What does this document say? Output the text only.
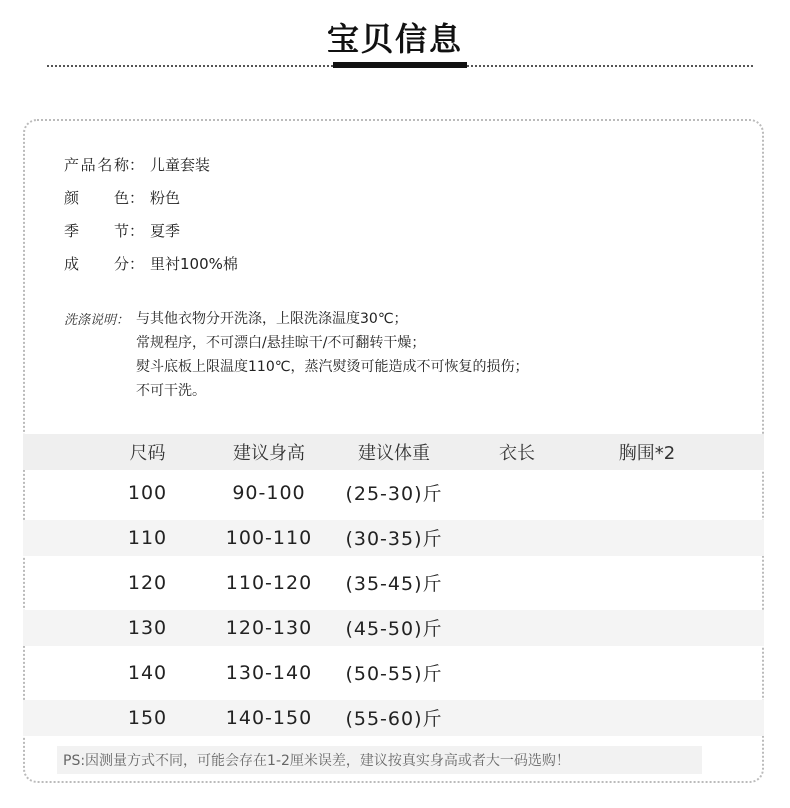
宝贝信息
产 品 名 称： 儿童套装
颜 色： 粉色
季 节： 夏季
成 分： 里衬100%棉
洗涤说明： 与其他衣物分开洗涤，上限洗涤温度30℃；
常规程序，不可漂白/悬挂晾干/不可翻转干燥；
熨斗底板上限温度110℃，蒸汽熨烫可能造成不可恢复的损伤；
不可干洗。
尺码	建议身高	建议体重	衣长	胸围*2
100	90-100	(25-30)斤
110	100-110	(30-35)斤
120	110-120	(35-45)斤
130	120-130	(45-50)斤
140	130-140	(50-55)斤
150	140-150	(55-60)斤
PS:因测量方式不同，可能会存在1-2厘米误差，建议按真实身高或者大一码选购！
